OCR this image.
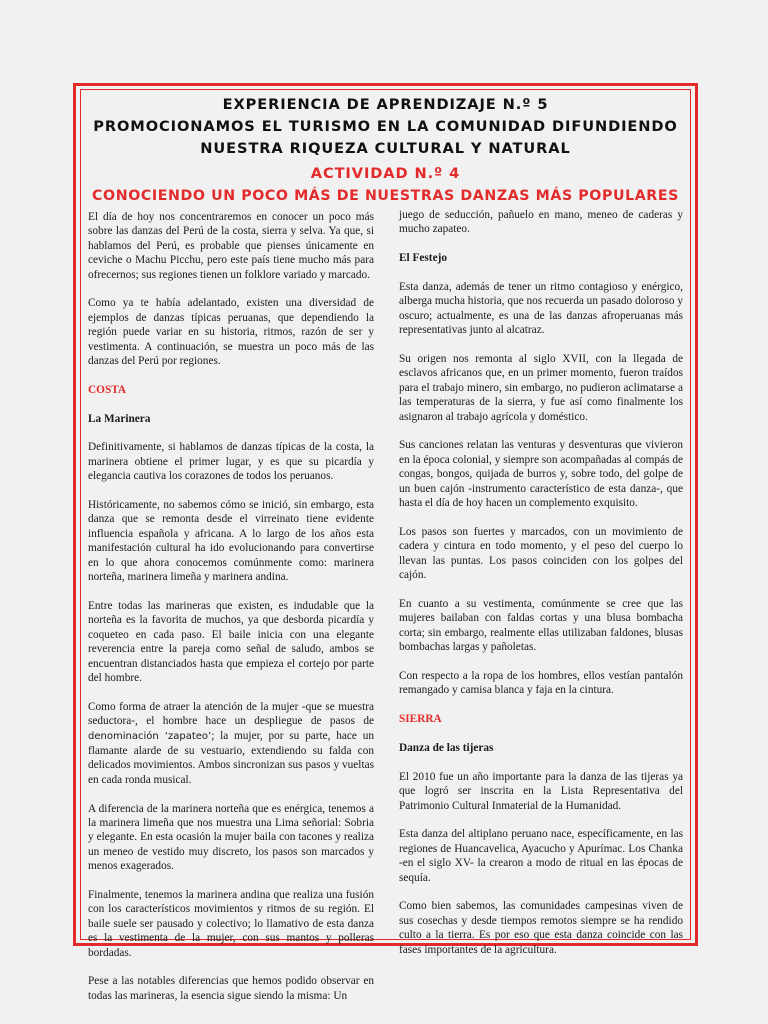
EXPERIENCIA DE APRENDIZAJE N.º 5
PROMOCIONAMOS EL TURISMO EN LA COMUNIDAD DIFUNDIENDO
NUESTRA RIQUEZA CULTURAL Y NATURAL
ACTIVIDAD N.º 4
CONOCIENDO UN POCO MÁS DE NUESTRAS DANZAS MÁS POPULARES

El día de hoy nos concentraremos en conocer un poco más sobre las danzas del Perú de la costa, sierra y selva. Ya que, si hablamos del Perú, es probable que pienses únicamente en ceviche o Machu Picchu, pero este país tiene mucho más para ofrecernos; sus regiones tienen un folklore variado y marcado.

Como ya te había adelantado, existen una diversidad de ejemplos de danzas típicas peruanas, que dependiendo la región puede variar en su historia, ritmos, razón de ser y vestimenta. A continuación, se muestra un poco más de las danzas del Perú por regiones.

COSTA

La Marinera

Definitivamente, si hablamos de danzas típicas de la costa, la marinera obtiene el primer lugar, y es que su picardía y elegancia cautiva los corazones de todos los peruanos.

Históricamente, no sabemos cómo se inició, sin embargo, esta danza que se remonta desde el virreinato tiene evidente influencia española y africana. A lo largo de los años esta manifestación cultural ha ido evolucionando para convertirse en lo que ahora conocemos comúnmente como: marinera norteña, marinera limeña y marinera andina.

Entre todas las marineras que existen, es indudable que la norteña es la favorita de muchos, ya que desborda picardía y coqueteo en cada paso. El baile inicia con una elegante reverencia entre la pareja como señal de saludo, ambos se encuentran distanciados hasta que empieza el cortejo por parte del hombre.

Como forma de atraer la atención de la mujer -que se muestra seductora-, el hombre hace un despliegue de pasos de denominación ‘zapateo’; la mujer, por su parte, hace un flamante alarde de su vestuario, extendiendo su falda con delicados movimientos. Ambos sincronizan sus pasos y vueltas en cada ronda musical.

A diferencia de la marinera norteña que es enérgica, tenemos a la marinera limeña que nos muestra una Lima señorial: Sobria y elegante. En esta ocasión la mujer baila con tacones y realiza un meneo de vestido muy discreto, los pasos son marcados y menos exagerados.

Finalmente, tenemos la marinera andina que realiza una fusión con los característicos movimientos y ritmos de su región. El baile suele ser pausado y colectivo; lo llamativo de esta danza es la vestimenta de la mujer, con sus mantos y polleras bordadas.

Pese a las notables diferencias que hemos podido observar en todas las marineras, la esencia sigue siendo la misma: Un

juego de seducción, pañuelo en mano, meneo de caderas y mucho zapateo.

El Festejo

Esta danza, además de tener un ritmo contagioso y enérgico, alberga mucha historia, que nos recuerda un pasado doloroso y oscuro; actualmente, es una de las danzas afroperuanas más representativas junto al alcatraz.

Su origen nos remonta al siglo XVII, con la llegada de esclavos africanos que, en un primer momento, fueron traídos para el trabajo minero, sin embargo, no pudieron aclimatarse a las temperaturas de la sierra, y fue así como finalmente los asignaron al trabajo agrícola y doméstico.

Sus canciones relatan las venturas y desventuras que vivieron en la época colonial, y siempre son acompañadas al compás de congas, bongos, quijada de burros y, sobre todo, del golpe de un buen cajón -instrumento característico de esta danza-, que hasta el día de hoy hacen un complemento exquisito.

Los pasos son fuertes y marcados, con un movimiento de cadera y cintura en todo momento, y el peso del cuerpo lo llevan las puntas. Los pasos coinciden con los golpes del cajón.

En cuanto a su vestimenta, comúnmente se cree que las mujeres bailaban con faldas cortas y una blusa bombacha corta; sin embargo, realmente ellas utilizaban faldones, blusas bombachas largas y pañoletas.

Con respecto a la ropa de los hombres, ellos vestían pantalón remangado y camisa blanca y faja en la cintura.

SIERRA

Danza de las tijeras

El 2010 fue un año importante para la danza de las tijeras ya que logró ser inscrita en la Lista Representativa del Patrimonio Cultural Inmaterial de la Humanidad.

Esta danza del altiplano peruano nace, específicamente, en las regiones de Huancavelica, Ayacucho y Apurímac. Los Chanka -en el siglo XV- la crearon a modo de ritual en las épocas de sequía.

Como bien sabemos, las comunidades campesinas viven de sus cosechas y desde tiempos remotos siempre se ha rendido culto a la tierra. Es por eso que esta danza coincide con las fases importantes de la agricultura.
